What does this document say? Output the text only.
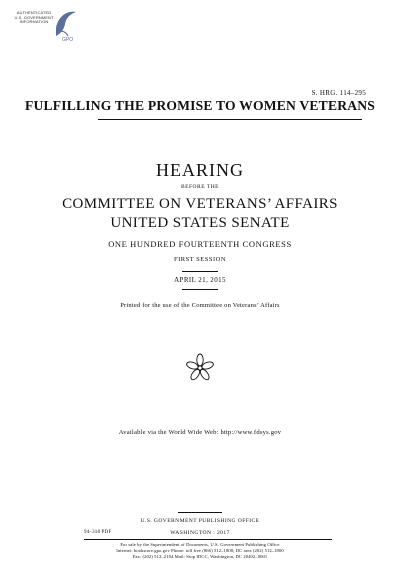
AUTHENTICATED
U.S. GOVERNMENT
INFORMATION
GPO
S. HRG. 114–295
FULFILLING THE PROMISE TO WOMEN VETERANS
HEARING
BEFORE THE
COMMITTEE ON VETERANS’ AFFAIRS
UNITED STATES SENATE
ONE HUNDRED FOURTEENTH CONGRESS
FIRST SESSION
APRIL 21, 2015
Printed for the use of the Committee on Veterans’ Affairs
Available via the World Wide Web: http://www.fdsys.gov
U.S. GOVERNMENT PUBLISHING OFFICE
94–318 PDF	WASHINGTON : 2017
For sale by the Superintendent of Documents, U.S. Government Publishing Office
Internet: bookstore.gpo.gov Phone: toll free (866) 512–1800; DC area (202) 512–1800
Fax: (202) 512–2104 Mail: Stop IDCC, Washington, DC 20402–0001
